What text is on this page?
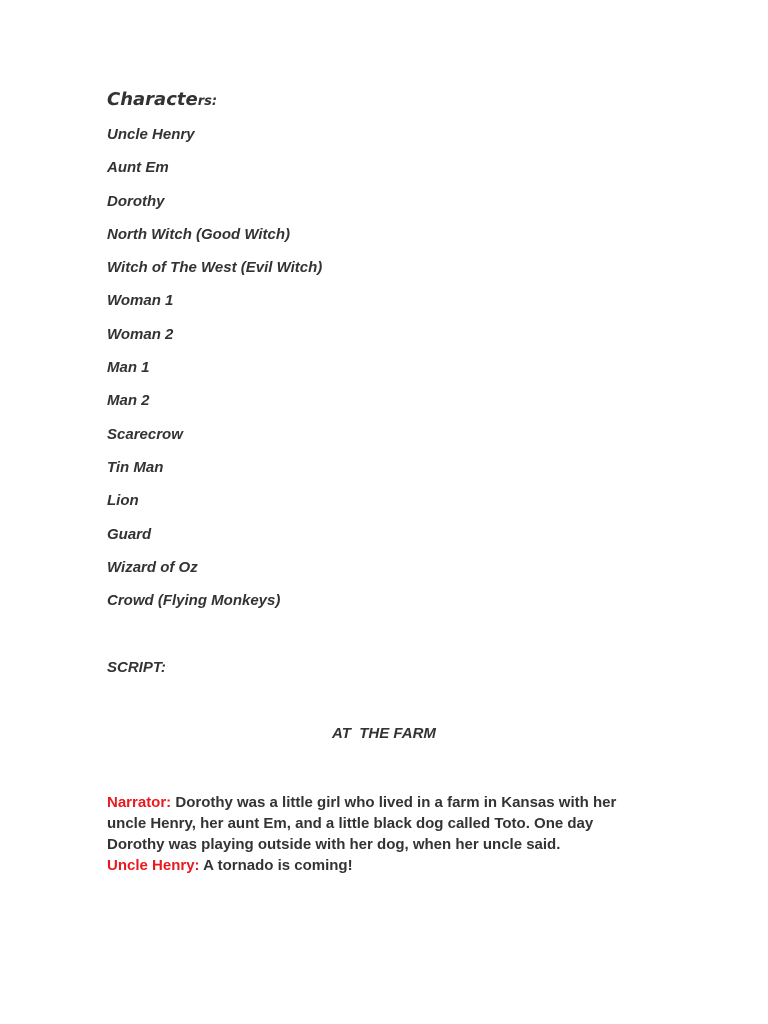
Characters:
Uncle Henry
Aunt Em
Dorothy
North Witch (Good Witch)
Witch of The West (Evil Witch)
Woman 1
Woman 2
Man 1
Man 2
Scarecrow
Tin Man
Lion
Guard
Wizard of Oz
Crowd (Flying Monkeys)
SCRIPT:
AT  THE FARM

Narrator: Dorothy was a little girl who lived in a farm in Kansas with her uncle Henry, her aunt Em, and a little black dog called Toto. One day Dorothy was playing outside with her dog, when her uncle said.

Uncle Henry: A tornado is coming!
